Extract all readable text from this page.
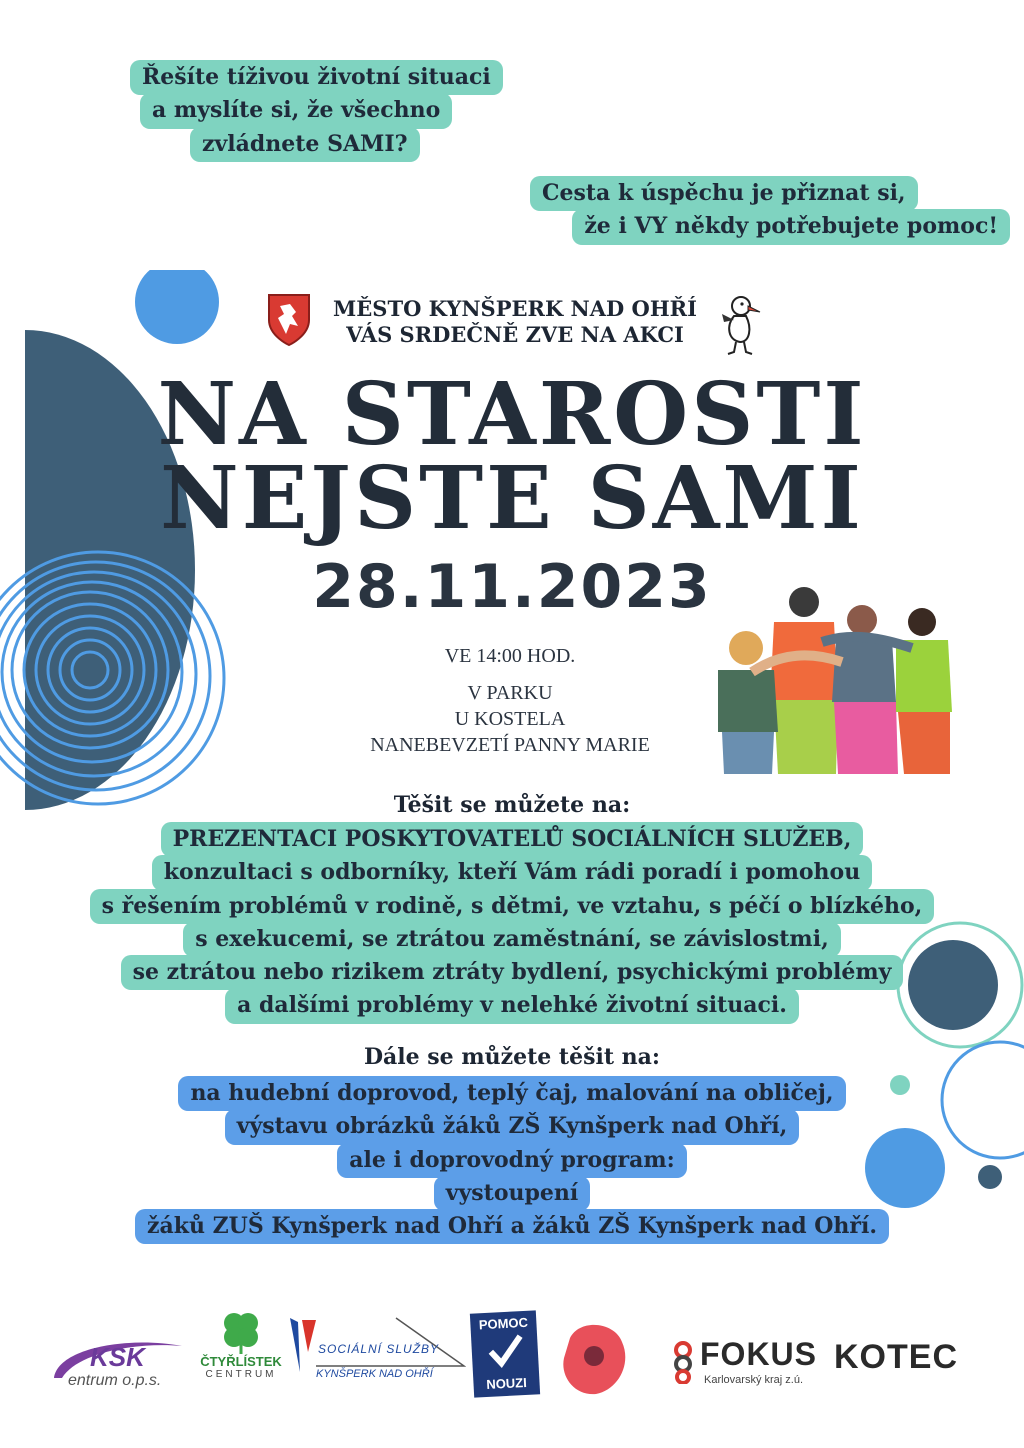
Řešíte tíživou životní situaci
a myslíte si, že všechno
zvládnete SAMI?
Cesta k úspěchu je přiznat si,
že i VY někdy potřebujete pomoc!
MĚSTO KYNŠPERK NAD OHŘÍ
VÁS SRDEČNĚ ZVE NA AKCI
NA STAROSTI
NEJSTE SAMI
28.11.2023
VE 14:00 HOD.
V PARKU
U KOSTELA
NANEBEVZETÍ PANNY MARIE
Těšit se můžete na:
PREZENTACI POSKYTOVATELŮ SOCIÁLNÍCH SLUŽEB,
konzultaci s odborníky, kteří Vám rádi poradí i pomohou
s řešením problémů v rodině, s dětmi, ve vztahu, s péčí o blízkého,
s exekucemi, se ztrátou zaměstnání, se závislostmi,
se ztrátou nebo rizikem ztráty bydlení, psychickými problémy
a dalšími problémy v nelehké životní situaci.
Dále se můžete těšit na:
na hudební doprovod, teplý čaj, malování na obličej,
výstavu obrázků žáků ZŠ Kynšperk nad Ohří,
ale i doprovodný program:
vystoupení
žáků ZUŠ Kynšperk nad Ohří a žáků ZŠ Kynšperk nad Ohří.
KSK
entrum o.p.s.
ČTYŘLÍSTEK
CENTRUM
SOCIÁLNÍ SLUŽBY
KYNŠPERK NAD OHŘÍ
POMOC
NOUZI
FOKUS
Karlovarský kraj z.ú.
KOTEC
